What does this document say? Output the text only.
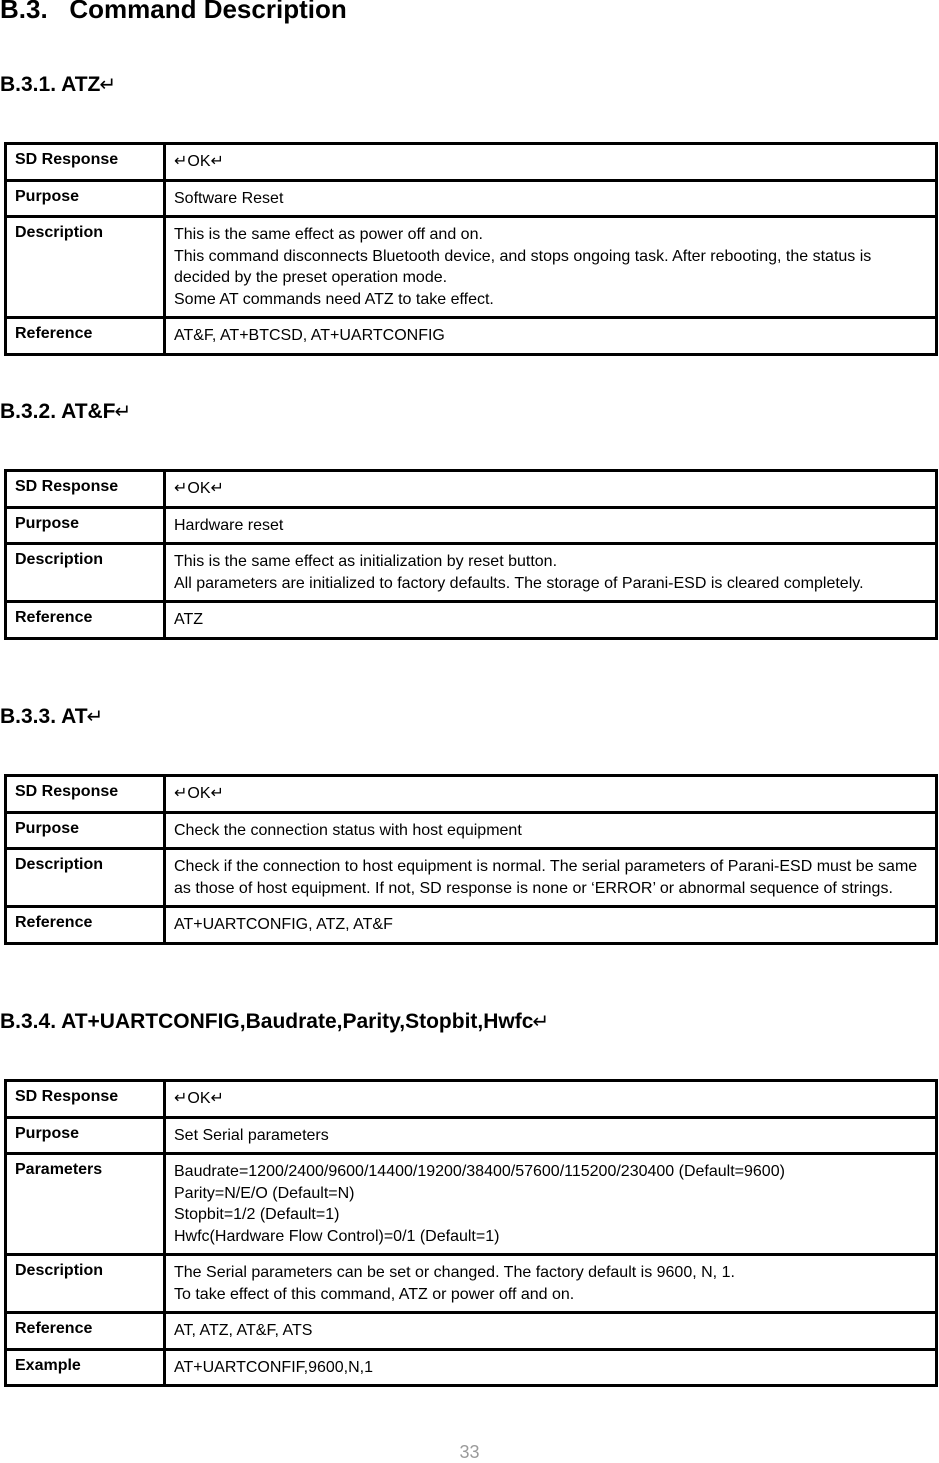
B.3.   Command Description
B.3.1. ATZ↵
SD Response	↵OK↵

Purpose	Software Reset

Description	This is the same effect as power off and on.
This command disconnects Bluetooth device, and stops ongoing task. After rebooting, the status is decided by the preset operation mode.
Some AT commands need ATZ to take effect.

Reference	AT&F, AT+BTCSD, AT+UARTCONFIG
B.3.2. AT&F↵
SD Response	↵OK↵

Purpose	Hardware reset

Description	This is the same effect as initialization by reset button.
All parameters are initialized to factory defaults. The storage of Parani-ESD is cleared completely.

Reference	ATZ
B.3.3. AT↵
SD Response	↵OK↵

Purpose	Check the connection status with host equipment

Description	Check if the connection to host equipment is normal. The serial parameters of Parani-ESD must be same as those of host equipment. If not, SD response is none or ‘ERROR’ or abnormal sequence of strings.

Reference	AT+UARTCONFIG, ATZ, AT&F
B.3.4. AT+UARTCONFIG,Baudrate,Parity,Stopbit,Hwfc↵
SD Response	↵OK↵

Purpose	Set Serial parameters

Parameters	Baudrate=1200/2400/9600/14400/19200/38400/57600/115200/230400 (Default=9600)
Parity=N/E/O (Default=N)
Stopbit=1/2 (Default=1)
Hwfc(Hardware Flow Control)=0/1 (Default=1)

Description	The Serial parameters can be set or changed. The factory default is 9600, N, 1.
To take effect of this command, ATZ or power off and on.

Reference	AT, ATZ, AT&F, ATS

Example	AT+UARTCONFIF,9600,N,1
33
